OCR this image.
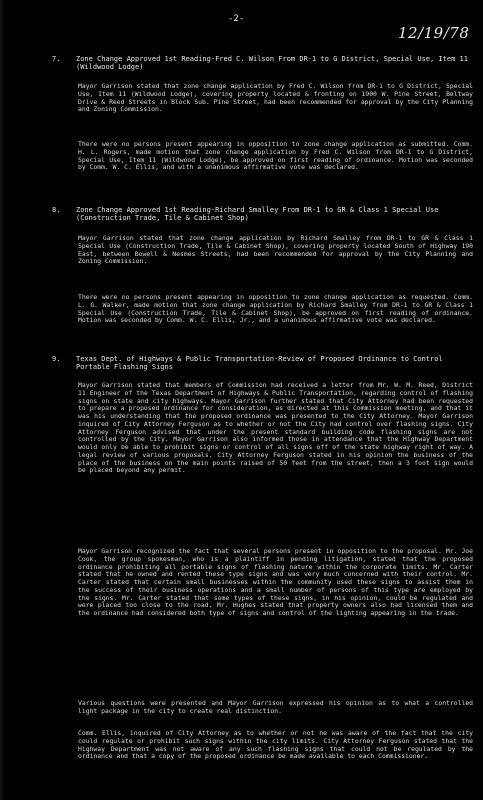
-2-
12/19/78
7.	Zone Change Approved 1st Reading-Fred C. Wilson From DR-1 to G District, Special Use, Item 11 (Wildwood Lodge)
Mayor Garrison stated that zone change application by Fred C. Wilson from DR-1 to G District, Special Use, Item 11 (Wildwood Lodge), covering property located & fronting on 1900 W. Pine Street, Beltway Drive & Reed Streets in Block Sub. Pine Street, had been recommended for approval by the City Planning and Zoning Commission.
There were no persons present appearing in opposition to zone change application as submitted. Comm. H. L. Rogers, made motion that zone change application by Fred C. Wilson from DR-1 to G District, Special Use, Item 11 (Wildwood Lodge), be approved on first reading of ordinance. Motion was seconded by Comm. W. C. Ellis, and with a unanimous affirmative vote was declared.
8.	Zone Change Approved 1st Reading-Richard Smalley From DR-1 to GR & Class 1 Special Use (Construction Trade, Tile & Cabinet Shop)
Mayor Garrison stated that zone change application by Richard Smalley from DR-1 to GR & Class 1 Special Use (Construction Trade, Tile & Cabinet Shop), covering property located South of Highway 190 East, between Bowell & Nesmes Streets, had been recommended for approval by the City Planning and Zoning Commission.
There were no persons present appearing in opposition to zone change application as requested. Comm. L. G. Walker, made motion that zone change application by Richard Smalley from DR-1 to GR & Class 1 Special Use (Construction Trade, Tile & Cabinet Shop), be approved on first reading of ordinance. Motion was seconded by Comm. W. C. Ellis, Jr., and a unanimous affirmative vote was declared.
9.	Texas Dept. of Highways & Public Transportation-Review of Proposed Ordinance to Control Portable Flashing Signs
Mayor Garrison stated that members of Commission had received a letter from Mr. W. M. Reed, District 11 Engineer of the Texas Department of Highways & Public Transportation, regarding control of flashing signs on state and city highways. Mayor Garrison further stated that City Attorney had been requested to prepare a proposed ordinance for consideration, as directed at this Commission meeting, and that it was his understanding that the proposed ordinance was presented to the City Attorney. Mayor Garrison inquired of City Attorney Ferguson as to whether or not the City had control over flashing signs. City Attorney Ferguson advised that under the present standard building code flashing signs are not controlled by the City. Mayor Garrison also informed those in attendance that the Highway Department would only be able to prohibit signs or control of all signs off of the state highway right of way. A legal review of various proposals. City Attorney Ferguson stated in his opinion the business of the place of the business on the main points raised of 50 feet from the street, then a 3 foot sign would be placed beyond any permit.
Mayor Garrison recognized the fact that several persons present in opposition to the proposal. Mr. Joe Cook, the group spokesman, who is a plaintiff in pending litigation, stated that the proposed ordinance prohibiting all portable signs of flashing nature within the corporate limits. Mr. Carter stated that he owned and rented these type signs and was very much concerned with their control. Mr. Carter stated that certain small businesses within the community used these signs to assist them in the success of their business operations and a small number of persons of this type are employed by the signs. Mr. Carter stated that some types of these signs, in his opinion, could be regulated and were placed too close to the road. Mr. Hughes stated that property owners also had licensed them and the ordinance had considered both type of signs and control of the lighting appearing in the trade.
Various questions were presented and Mayor Garrison expressed his opinion as to what a controlled light package in the city to create real distinction.
Comm. Ellis, inquired of City Attorney as to whether or not he was aware of the fact that the city could regulate or prohibit such signs within the city limits. City Attorney Ferguson stated that the Highway Department was not aware of any such flashing signs that could not be regulated by the ordinance and that a copy of the proposed ordinance be made available to each Commissioner.
